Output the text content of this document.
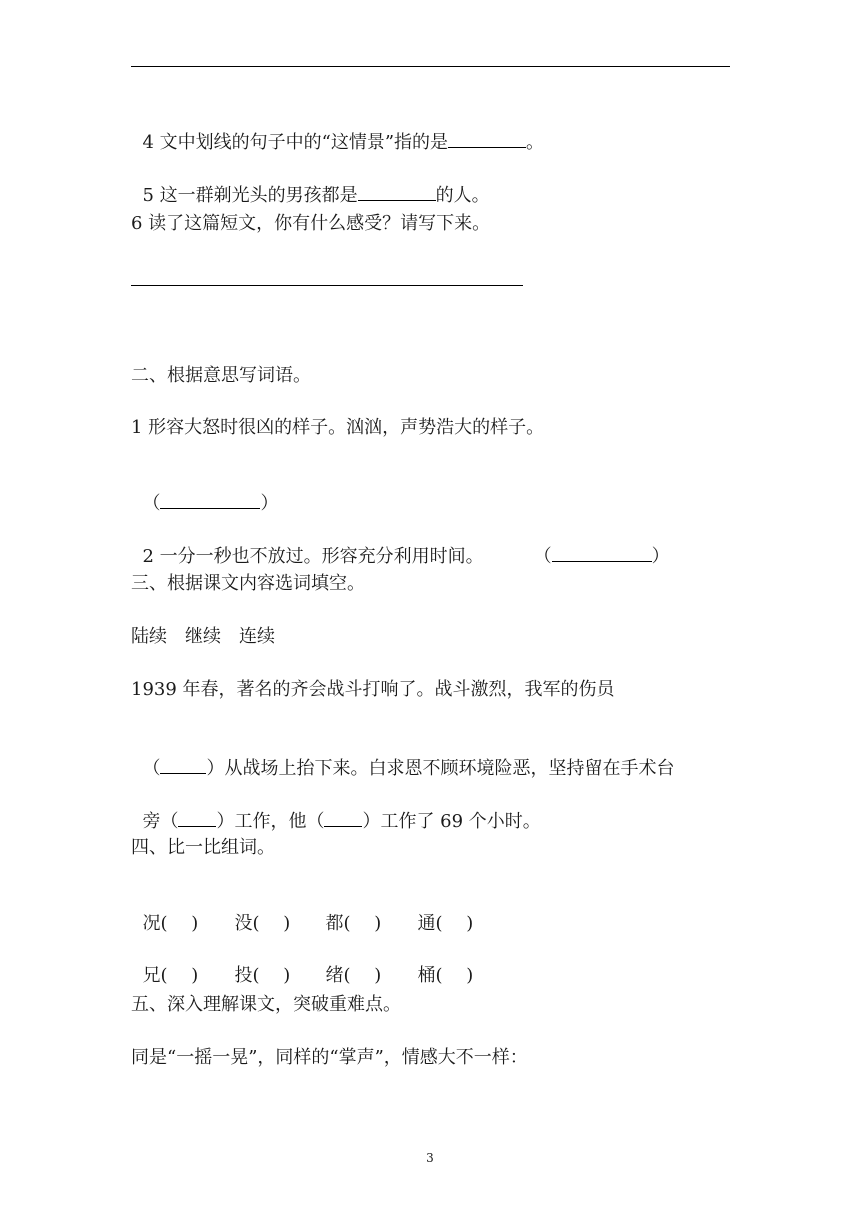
4 文中划线的句子中的“这情景”指的是	。

5 这一群剃光头的男孩都是	的人。

6 读了这篇短文，你有什么感受？请写下来。
二、根据意思写词语。
1 形容大怒时很凶的样子。汹汹，声势浩大的样子。

（	）

2 一分一秒也不放过。形容充分利用时间。	（	）

三、根据课文内容选词填空。
陆续　继续　连续
1939 年春，著名的齐会战斗打响了。战斗激烈，我军的伤员

（	）从战场上抬下来。白求恩不顾环境险恶，坚持留在手术台

旁（ ）工作，他（ ）工作了 69 个小时。

四、比一比组词。

况(　 ) 没(　 ) 都(　 ) 通(　 )

兄(　 ) 投(　 ) 绪(　 ) 桶(　 )

五、深入理解课文，突破重难点。
同是“一摇一晃”，同样的“掌声”，情感大不一样：
3
